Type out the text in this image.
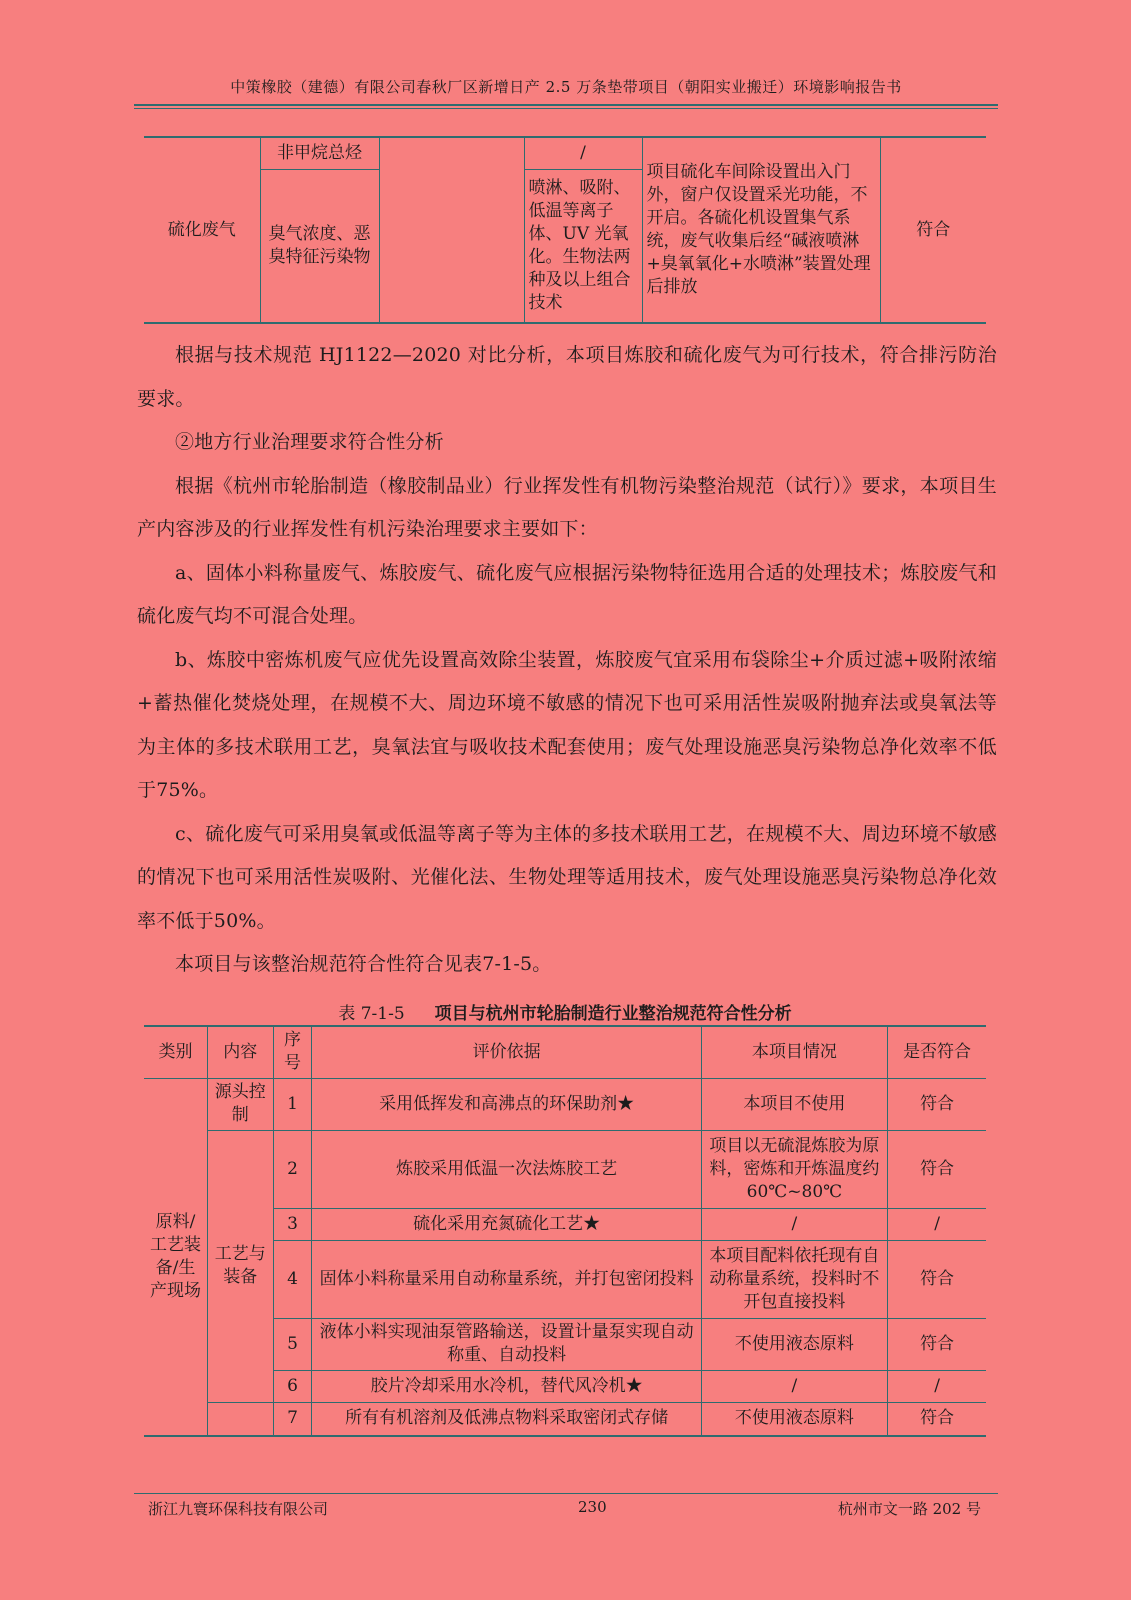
中策橡胶（建德）有限公司春秋厂区新增日产 2.5 万条垫带项目（朝阳实业搬迁）环境影响报告书
硫化废气	非甲烷总烃		/	项目硫化车间除设置出入门外，窗户仅设置采光功能，不开启。各硫化机设置集气系统，废气收集后经“碱液喷淋+臭氧氧化+水喷淋”装置处理后排放	符合
	臭气浓度、恶臭特征污染物		喷淋、吸附、低温等离子体、UV 光氧化。生物法两种及以上组合技术		

根据与技术规范 HJ1122—2020 对比分析，本项目炼胶和硫化废气为可行技术，符合排污防治要求。

②地方行业治理要求符合性分析

根据《杭州市轮胎制造（橡胶制品业）行业挥发性有机物污染整治规范（试行）》要求，本项目生产内容涉及的行业挥发性有机污染治理要求主要如下：

a、固体小料称量废气、炼胶废气、硫化废气应根据污染物特征选用合适的处理技术；炼胶废气和硫化废气均不可混合处理。

b、炼胶中密炼机废气应优先设置高效除尘装置，炼胶废气宜采用布袋除尘+介质过滤+吸附浓缩+蓄热催化焚烧处理，在规模不大、周边环境不敏感的情况下也可采用活性炭吸附抛弃法或臭氧法等为主体的多技术联用工艺，臭氧法宜与吸收技术配套使用；废气处理设施恶臭污染物总净化效率不低于75%。

c、硫化废气可采用臭氧或低温等离子等为主体的多技术联用工艺，在规模不大、周边环境不敏感的情况下也可采用活性炭吸附、光催化法、生物处理等适用技术，废气处理设施恶臭污染物总净化效率不低于50%。

本项目与该整治规范符合性符合见表7-1-5。

表 7-1-5 项目与杭州市轮胎制造行业整治规范符合性分析
类别	内容	序号	评价依据	本项目情况	是否符合
原料/工艺装备/生产现场	源头控制	1	采用低挥发和高沸点的环保助剂★	本项目不使用	符合
	工艺与装备	2	炼胶采用低温一次法炼胶工艺	项目以无硫混炼胶为原料，密炼和开炼温度约 60℃~80℃	符合
		3	硫化采用充氮硫化工艺★	/	/
		4	固体小料称量采用自动称量系统，并打包密闭投料	本项目配料依托现有自动称量系统，投料时不开包直接投料	符合
		5	液体小料实现油泵管路输送，设置计量泵实现自动称重、自动投料	不使用液态原料	符合
		6	胶片冷却采用水冷机，替代风冷机★	/	/
		7	所有有机溶剂及低沸点物料采取密闭式存储	不使用液态原料	符合
浙江九寰环保科技有限公司	230	杭州市文一路 202 号
